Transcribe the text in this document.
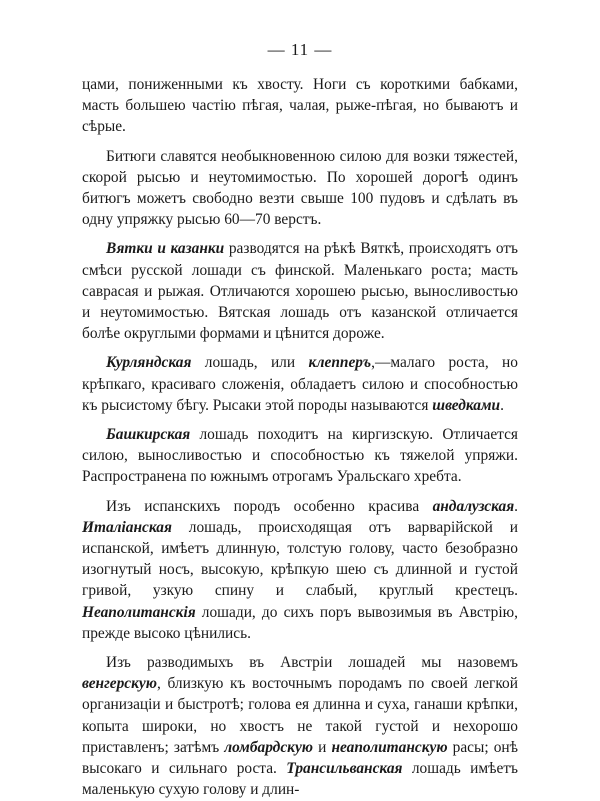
— 11 —

цами, пониженными къ хвосту. Ноги съ короткими бабками, масть большею частію пѣгая, чалая, рыже-пѣгая, но бываютъ и сѣрые.

Битюги славятся необыкновенною силою для возки тяжестей, скорой рысью и неутомимостью. По хорошей дорогѣ одинъ битюгъ можетъ свободно везти свыше 100 пудовъ и сдѣлать въ одну упряжку рысью 60—70 верстъ.

Вятки и казанки разводятся на рѣкѣ Вяткѣ, происходятъ отъ смѣси русской лошади съ финской. Маленькаго роста; масть саврасая и рыжая. Отличаются хорошею рысью, выносливостью и неутомимостью. Вятская лошадь отъ казанской отличается болѣе округлыми формами и цѣнится дороже.

Курляндская лошадь, или клепперъ,—малаго роста, но крѣпкаго, красиваго сложенія, обладаетъ силою и способностью къ рысистому бѣгу. Рысаки этой породы называются шведками.

Башкирская лошадь походитъ на киргизскую. Отличается силою, выносливостью и способностью къ тяжелой упряжи. Распространена по южнымъ отрогамъ Уральскаго хребта.

Изъ испанскихъ породъ особенно красива андалузская. Италіанская лошадь, происходящая отъ варварійской и испанской, имѣетъ длинную, толстую голову, часто безобразно изогнутый носъ, высокую, крѣпкую шею съ длинной и густой гривой, узкую спину и слабый, круглый крестецъ. Неаполитанскія лошади, до сихъ поръ вывозимыя въ Австрію, прежде высоко цѣнились.

Изъ разводимыхъ въ Австріи лошадей мы назовемъ венгерскую, близкую къ восточнымъ породамъ по своей легкой организаціи и быстротѣ; голова ея длинна и суха, ганаши крѣпки, копыта широки, но хвостъ не такой густой и нехорошо приставленъ; затѣмъ ломбардскую и неаполитанскую расы; онѣ высокаго и сильнаго роста. Трансильванская лошадь имѣетъ маленькую сухую голову и длин-
